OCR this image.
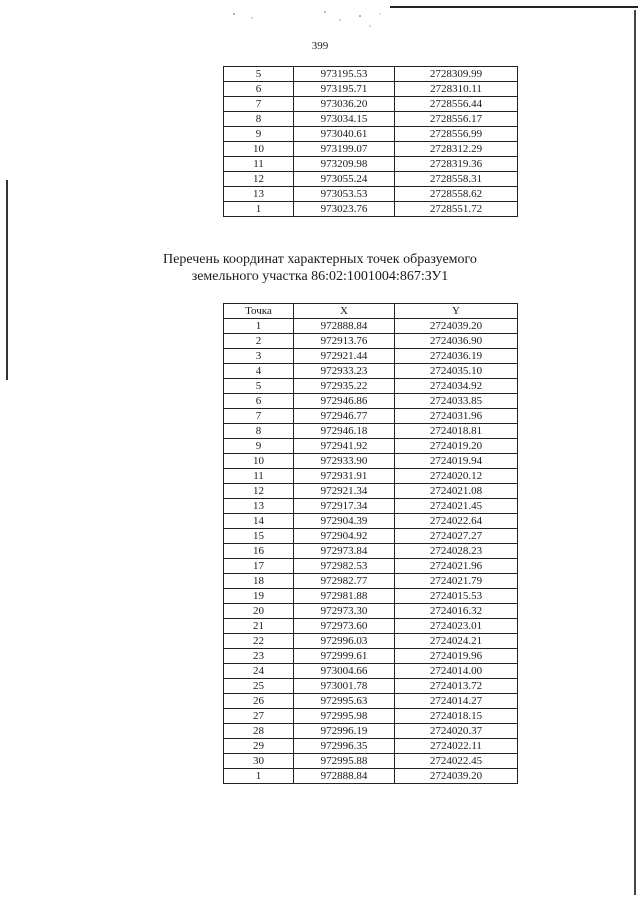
399
5	973195.53	2728309.99
6	973195.71	2728310.11
7	973036.20	2728556.44
8	973034.15	2728556.17
9	973040.61	2728556.99
10	973199.07	2728312.29
11	973209.98	2728319.36
12	973055.24	2728558.31
13	973053.53	2728558.62
1	973023.76	2728551.72
Перечень координат характерных точек образуемого
земельного участка 86:02:1001004:867:ЗУ1
Точка	X	Y
1	972888.84	2724039.20
2	972913.76	2724036.90
3	972921.44	2724036.19
4	972933.23	2724035.10
5	972935.22	2724034.92
6	972946.86	2724033.85
7	972946.77	2724031.96
8	972946.18	2724018.81
9	972941.92	2724019.20
10	972933.90	2724019.94
11	972931.91	2724020.12
12	972921.34	2724021.08
13	972917.34	2724021.45
14	972904.39	2724022.64
15	972904.92	2724027.27
16	972973.84	2724028.23
17	972982.53	2724021.96
18	972982.77	2724021.79
19	972981.88	2724015.53
20	972973.30	2724016.32
21	972973.60	2724023.01
22	972996.03	2724024.21
23	972999.61	2724019.96
24	973004.66	2724014.00
25	973001.78	2724013.72
26	972995.63	2724014.27
27	972995.98	2724018.15
28	972996.19	2724020.37
29	972996.35	2724022.11
30	972995.88	2724022.45
1	972888.84	2724039.20
